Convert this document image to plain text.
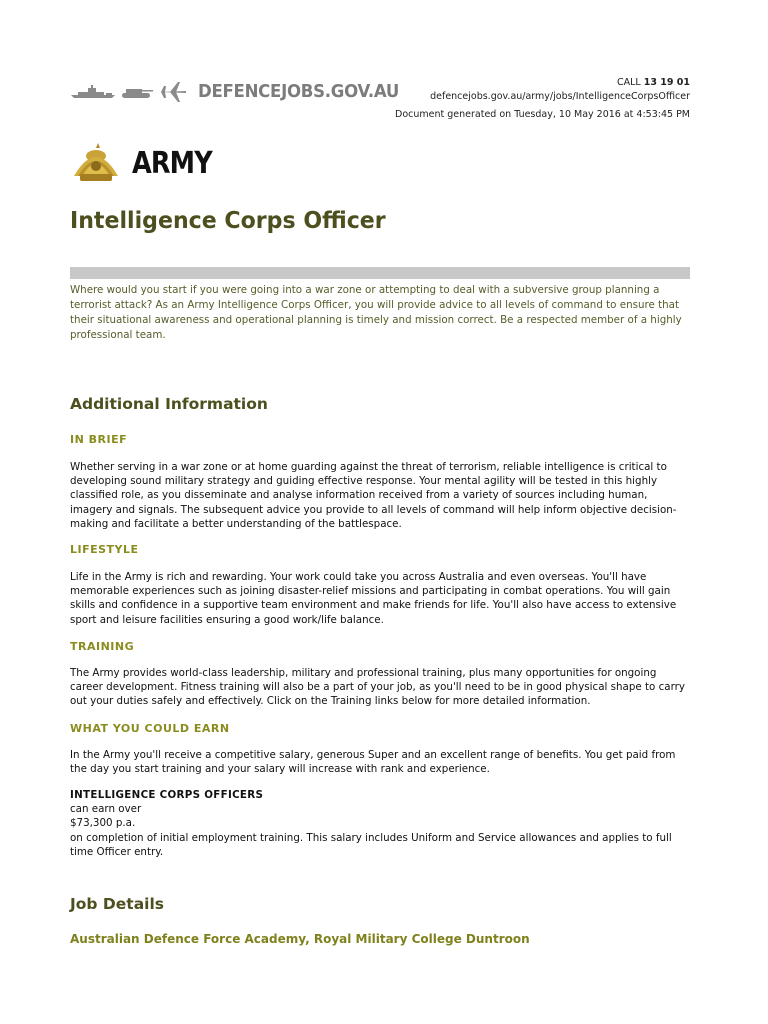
DEFENCEJOBS.GOV.AU	CALL 13 19 01
defencejobs.gov.au/army/jobs/IntelligenceCorpsOfficer
Document generated on Tuesday, 10 May 2016 at 4:53:45 PM
ARMY
Intelligence Corps Officer
Where would you start if you were going into a war zone or attempting to deal with a subversive group planning a terrorist attack? As an Army Intelligence Corps Officer, you will provide advice to all levels of command to ensure that their situational awareness and operational planning is timely and mission correct. Be a respected member of a highly professional team.
Additional Information
IN BRIEF
Whether serving in a war zone or at home guarding against the threat of terrorism, reliable intelligence is critical to developing sound military strategy and guiding effective response. Your mental agility will be tested in this highly classified role, as you disseminate and analyse information received from a variety of sources including human, imagery and signals. The subsequent advice you provide to all levels of command will help inform objective decision-making and facilitate a better understanding of the battlespace.
LIFESTYLE
Life in the Army is rich and rewarding. Your work could take you across Australia and even overseas. You'll have memorable experiences such as joining disaster-relief missions and participating in combat operations. You will gain skills and confidence in a supportive team environment and make friends for life. You'll also have access to extensive sport and leisure facilities ensuring a good work/life balance.
TRAINING
The Army provides world-class leadership, military and professional training, plus many opportunities for ongoing career development. Fitness training will also be a part of your job, as you'll need to be in good physical shape to carry out your duties safely and effectively. Click on the Training links below for more detailed information.
WHAT YOU COULD EARN
In the Army you'll receive a competitive salary, generous Super and an excellent range of benefits. You get paid from the day you start training and your salary will increase with rank and experience.
INTELLIGENCE CORPS OFFICERS
can earn over
$73,300 p.a.
on completion of initial employment training. This salary includes Uniform and Service allowances and applies to full time Officer entry.
Job Details
Australian Defence Force Academy, Royal Military College Duntroon
